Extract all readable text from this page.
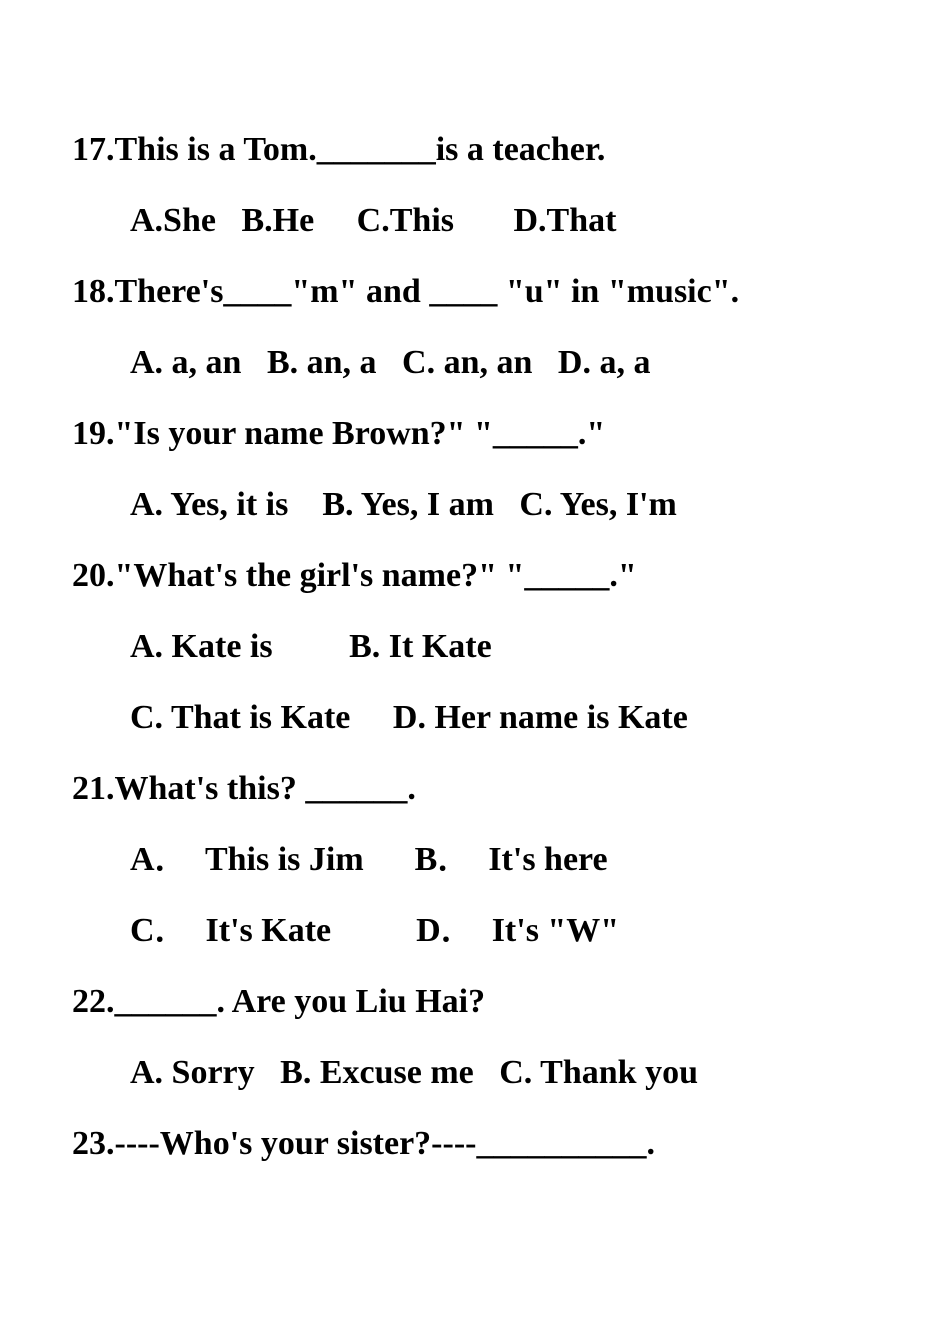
17.This is a Tom._______is a teacher.

A.She   B.He     C.This       D.That

18.There's____"m" and ____ "u" in "music".

A. a, an   B. an, a   C. an, an   D. a, a

19."Is your name Brown?" "_____."

A. Yes, it is    B. Yes, I am   C. Yes, I'm

20."What's the girl's name?" "_____."

A. Kate is         B. It Kate

C. That is Kate     D. Her name is Kate

21.What's this? ______.

A．  This is Jim      B．  It's here

C．  It's Kate          D．  It's "W"

22.______. Are you Liu Hai?

A. Sorry   B. Excuse me   C. Thank you

23.----Who's your sister?----__________.
